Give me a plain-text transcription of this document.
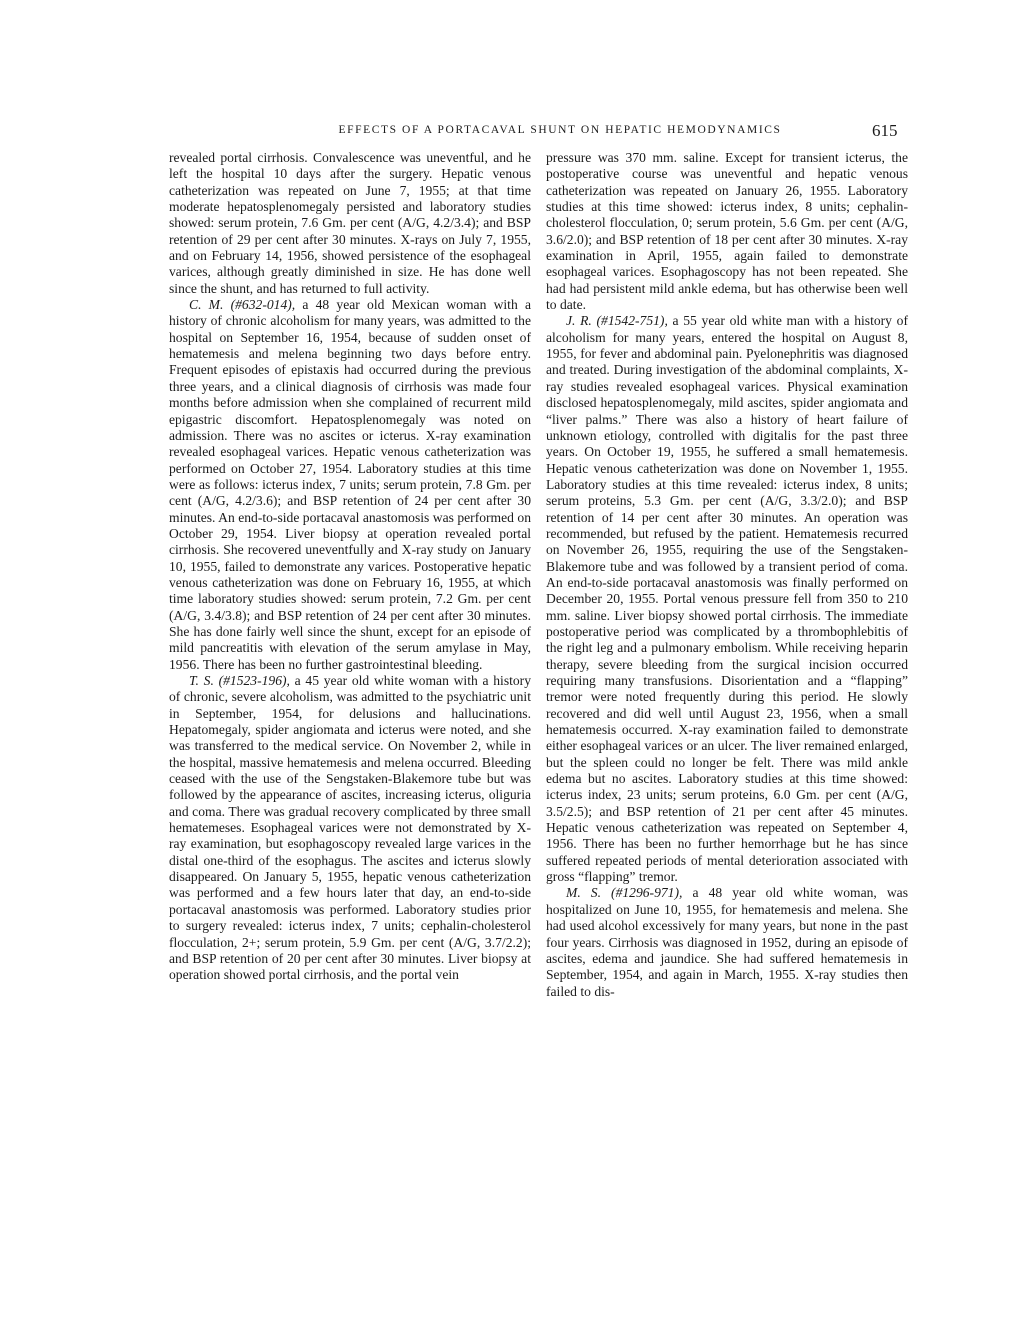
EFFECTS OF A PORTACAVAL SHUNT ON HEPATIC HEMODYNAMICS	615

revealed portal cirrhosis. Convalescence was uneventful, and he left the hospital 10 days after the surgery. Hepatic venous catheterization was repeated on June 7, 1955; at that time moderate hepatosplenomegaly persisted and laboratory studies showed: serum protein, 7.6 Gm. per cent (A/G, 4.2/3.4); and BSP retention of 29 per cent after 30 minutes. X-rays on July 7, 1955, and on February 14, 1956, showed persistence of the esophageal varices, although greatly diminished in size. He has done well since the shunt, and has returned to full activity.

C. M. (#632-014), a 48 year old Mexican woman with a history of chronic alcoholism for many years, was admitted to the hospital on September 16, 1954, because of sudden onset of hematemesis and melena beginning two days before entry. Frequent episodes of epistaxis had occurred during the previous three years, and a clinical diagnosis of cirrhosis was made four months before admission when she complained of recurrent mild epigastric discomfort. Hepatosplenomegaly was noted on admission. There was no ascites or icterus. X-ray examination revealed esophageal varices. Hepatic venous catheterization was performed on October 27, 1954. Laboratory studies at this time were as follows: icterus index, 7 units; serum protein, 7.8 Gm. per cent (A/G, 4.2/3.6); and BSP retention of 24 per cent after 30 minutes. An end-to-side portacaval anastomosis was performed on October 29, 1954. Liver biopsy at operation revealed portal cirrhosis. She recovered uneventfully and X-ray study on January 10, 1955, failed to demonstrate any varices. Postoperative hepatic venous catheterization was done on February 16, 1955, at which time laboratory studies showed: serum protein, 7.2 Gm. per cent (A/G, 3.4/3.8); and BSP retention of 24 per cent after 30 minutes. She has done fairly well since the shunt, except for an episode of mild pancreatitis with elevation of the serum amylase in May, 1956. There has been no further gastrointestinal bleeding.

T. S. (#1523-196), a 45 year old white woman with a history of chronic, severe alcoholism, was admitted to the psychiatric unit in September, 1954, for delusions and hallucinations. Hepatomegaly, spider angiomata and icterus were noted, and she was transferred to the medical service. On November 2, while in the hospital, massive hematemesis and melena occurred. Bleeding ceased with the use of the Sengstaken-Blakemore tube but was followed by the appearance of ascites, increasing icterus, oliguria and coma. There was gradual recovery complicated by three small hematemeses. Esophageal varices were not demonstrated by X-ray examination, but esophagoscopy revealed large varices in the distal one-third of the esophagus. The ascites and icterus slowly disappeared. On January 5, 1955, hepatic venous catheterization was performed and a few hours later that day, an end-to-side portacaval anastomosis was performed. Laboratory studies prior to surgery revealed: icterus index, 7 units; cephalin-cholesterol flocculation, 2+; serum protein, 5.9 Gm. per cent (A/G, 3.7/2.2); and BSP retention of 20 per cent after 30 minutes. Liver biopsy at operation showed portal cirrhosis, and the portal vein

pressure was 370 mm. saline. Except for transient icterus, the postoperative course was uneventful and hepatic venous catheterization was repeated on January 26, 1955. Laboratory studies at this time showed: icterus index, 8 units; cephalin-cholesterol flocculation, 0; serum protein, 5.6 Gm. per cent (A/G, 3.6/2.0); and BSP retention of 18 per cent after 30 minutes. X-ray examination in April, 1955, again failed to demonstrate esophageal varices. Esophagoscopy has not been repeated. She had had persistent mild ankle edema, but has otherwise been well to date.

J. R. (#1542-751), a 55 year old white man with a history of alcoholism for many years, entered the hospital on August 8, 1955, for fever and abdominal pain. Pyelonephritis was diagnosed and treated. During investigation of the abdominal complaints, X-ray studies revealed esophageal varices. Physical examination disclosed hepatosplenomegaly, mild ascites, spider angiomata and “liver palms.” There was also a history of heart failure of unknown etiology, controlled with digitalis for the past three years. On October 19, 1955, he suffered a small hematemesis. Hepatic venous catheterization was done on November 1, 1955. Laboratory studies at this time revealed: icterus index, 8 units; serum proteins, 5.3 Gm. per cent (A/G, 3.3/2.0); and BSP retention of 14 per cent after 30 minutes. An operation was recommended, but refused by the patient. Hematemesis recurred on November 26, 1955, requiring the use of the Sengstaken-Blakemore tube and was followed by a transient period of coma. An end-to-side portacaval anastomosis was finally performed on December 20, 1955. Portal venous pressure fell from 350 to 210 mm. saline. Liver biopsy showed portal cirrhosis. The immediate postoperative period was complicated by a thrombophlebitis of the right leg and a pulmonary embolism. While receiving heparin therapy, severe bleeding from the surgical incision occurred requiring many transfusions. Disorientation and a “flapping” tremor were noted frequently during this period. He slowly recovered and did well until August 23, 1956, when a small hematemesis occurred. X-ray examination failed to demonstrate either esophageal varices or an ulcer. The liver remained enlarged, but the spleen could no longer be felt. There was mild ankle edema but no ascites. Laboratory studies at this time showed: icterus index, 23 units; serum proteins, 6.0 Gm. per cent (A/G, 3.5/2.5); and BSP retention of 21 per cent after 45 minutes. Hepatic venous catheterization was repeated on September 4, 1956. There has been no further hemorrhage but he has since suffered repeated periods of mental deterioration associated with gross “flapping” tremor.

M. S. (#1296-971), a 48 year old white woman, was hospitalized on June 10, 1955, for hematemesis and melena. She had used alcohol excessively for many years, but none in the past four years. Cirrhosis was diagnosed in 1952, during an episode of ascites, edema and jaundice. She had suffered hematemesis in September, 1954, and again in March, 1955. X-ray studies then failed to dis-
